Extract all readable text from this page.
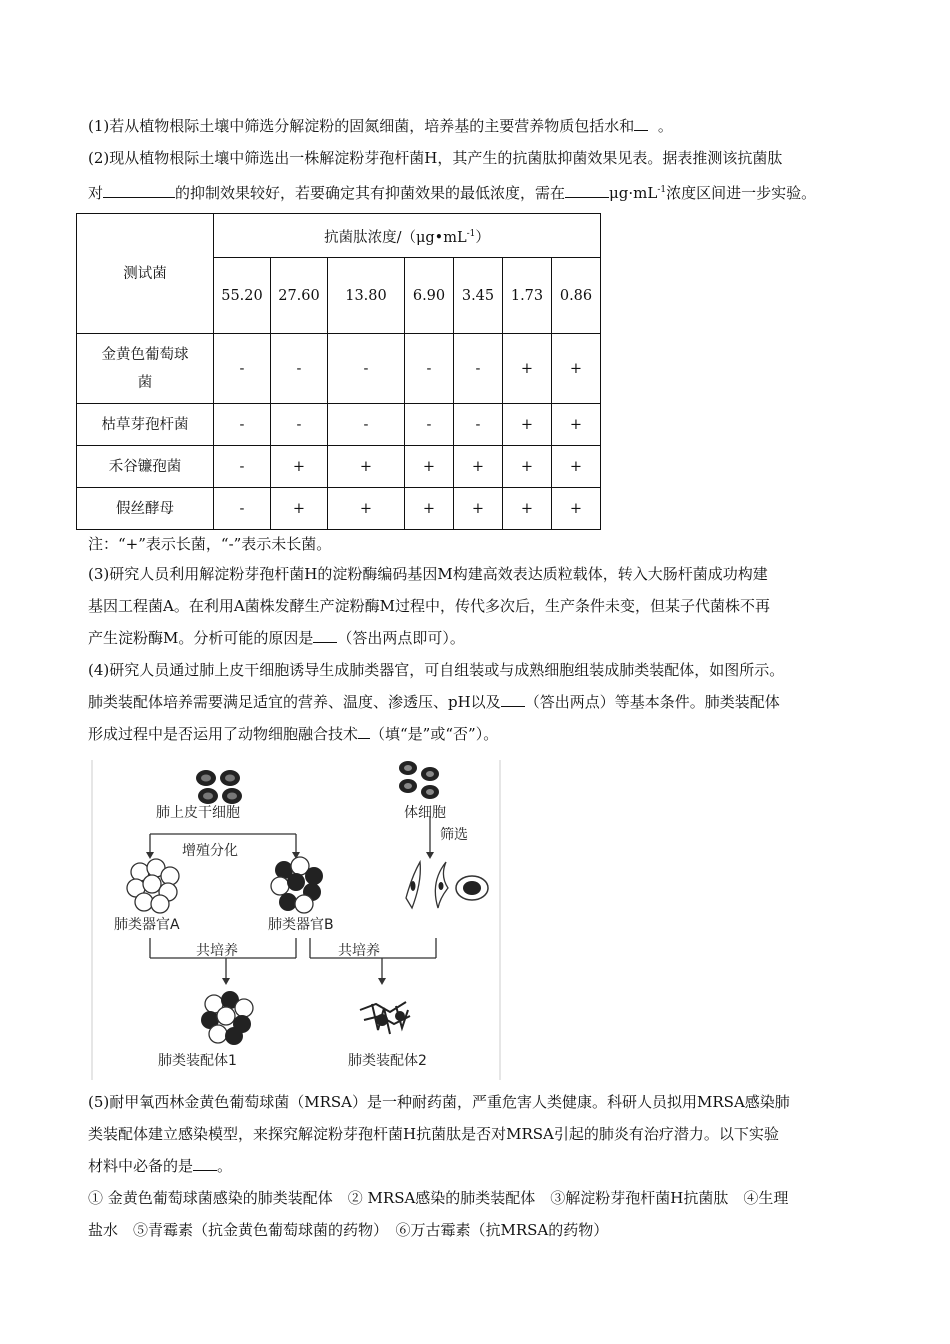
(1)若从植物根际土壤中筛选分解淀粉的固氮细菌，培养基的主要营养物质包括水和 。

(2)现从植物根际土壤中筛选出一株解淀粉芽孢杆菌H，其产生的抗菌肽抑菌效果见表。据表推测该抗菌肽

对	的抑制效果较好，若要确定其有抑菌效果的最低浓度，需在	$\mu g\cdot mL^{-1}$浓度区间进一步实验。

测试菌	抗菌肽浓度$/(\mu g•mL^{-1})$						
	55.20	27.60	13.80	6.90	3.45	1.73	0.86
金黄色葡萄球菌	-	-	-	-	-	+	+
枯草芽孢杆菌	-	-	-	-	-	+	+
禾谷镰孢菌	-	+	+	+	+	+	+
假丝酵母	-	+	+	+	+	+	+

注：“+”表示长菌，“-”表示未长菌。

(3)研究人员利用解淀粉芽孢杆菌H的淀粉酶编码基因M构建高效表达质粒载体，转入大肠杆菌成功构建

基因工程菌A。在利用A菌株发酵生产淀粉酶M过程中，传代多次后，生产条件未变，但某子代菌株不再

产生淀粉酶M。分析可能的原因是 （答出两点即可）。

(4)研究人员通过肺上皮干细胞诱导生成肺类器官，可自组装或与成熟细胞组装成肺类装配体，如图所示。

肺类装配体培养需要满足适宜的营养、温度、渗透压、pH以及 （答出两点）等基本条件。肺类装配体

形成过程中是否运用了动物细胞融合技术 （填“是”或“否”）。

肺上皮干细胞	体细胞
筛选
增殖分化
肺类器官A	肺类器官B
共培养	共培养
肺类装配体1	肺类装配体2

(5)耐甲氧西林金黄色葡萄球菌（MRSA）是一种耐药菌，严重危害人类健康。科研人员拟用MRSA感染肺

类装配体建立感染模型，来探究解淀粉芽孢杆菌H抗菌肽是否对MRSA引起的肺炎有治疗潜力。以下实验

材料中必备的是 。

① 金黄色葡萄球菌感染的肺类装配体　② MRSA感染的肺类装配体　③解淀粉芽孢杆菌H抗菌肽　④生理

盐水　⑤青霉素（抗金黄色葡萄球菌的药物）　⑥万古霉素（抗MRSA的药物）
